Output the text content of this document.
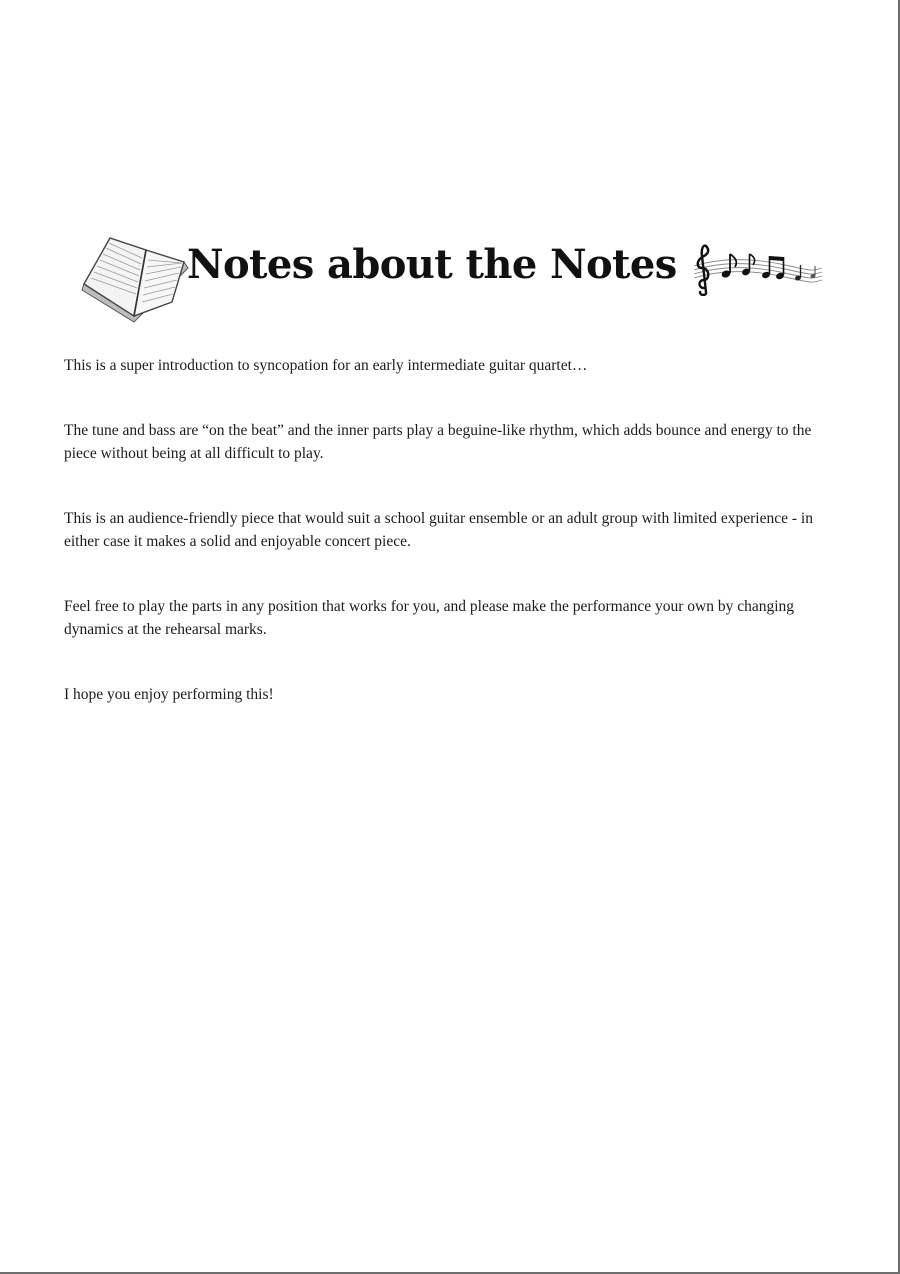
Notes about the Notes

This is a super introduction to syncopation for an early intermediate guitar quartet…

The tune and bass are “on the beat” and the inner parts play a beguine-like rhythm, which adds bounce and energy to the piece without being at all difficult to play.

This is an audience-friendly piece that would suit a school guitar ensemble or an adult group with limited experience - in either case it makes a solid and enjoyable concert piece.

Feel free to play the parts in any position that works for you, and please make the performance your own by changing dynamics at the rehearsal marks.

I hope you enjoy performing this!
